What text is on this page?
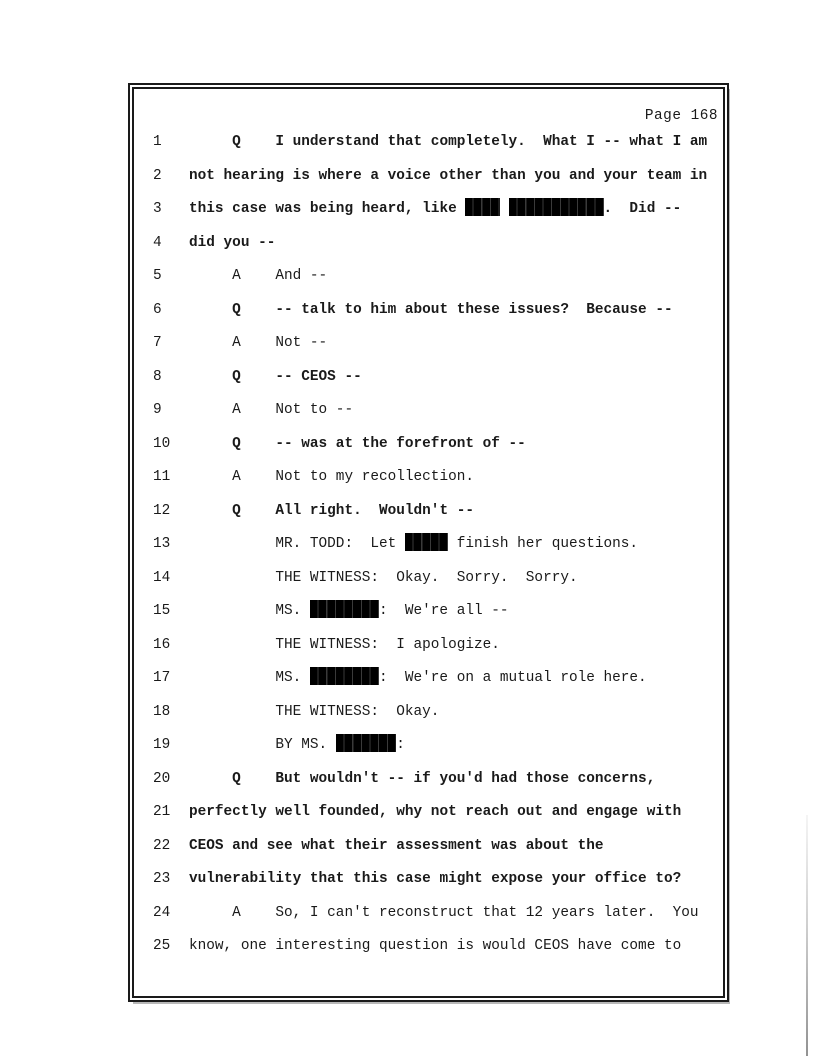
Page 168
1	Q    I understand that completely.  What I -- what I am
2	not hearing is where a voice other than you and your team in
3	this case was being heard, like	.  Did --
4	did you --
5	A    And --
6	Q    -- talk to him about these issues?  Because --
7	A    Not --
8	Q    -- CEOS --
9	A    Not to --
10	Q    -- was at the forefront of --
11	A    Not to my recollection.
12	Q    All right.  Wouldn't --
13	MR. TODD:  Let	finish her questions.
14	THE WITNESS:  Okay.  Sorry.  Sorry.
15	MS.	:  We're all --
16	THE WITNESS:  I apologize.
17	MS.	:  We're on a mutual role here.
18	THE WITNESS:  Okay.
19	BY MS.	:
20	Q    But wouldn't -- if you'd had those concerns,
21	perfectly well founded, why not reach out and engage with
22	CEOS and see what their assessment was about the
23	vulnerability that this case might expose your office to?
24	A    So, I can't reconstruct that 12 years later.  You
25	know, one interesting question is would CEOS have come to
